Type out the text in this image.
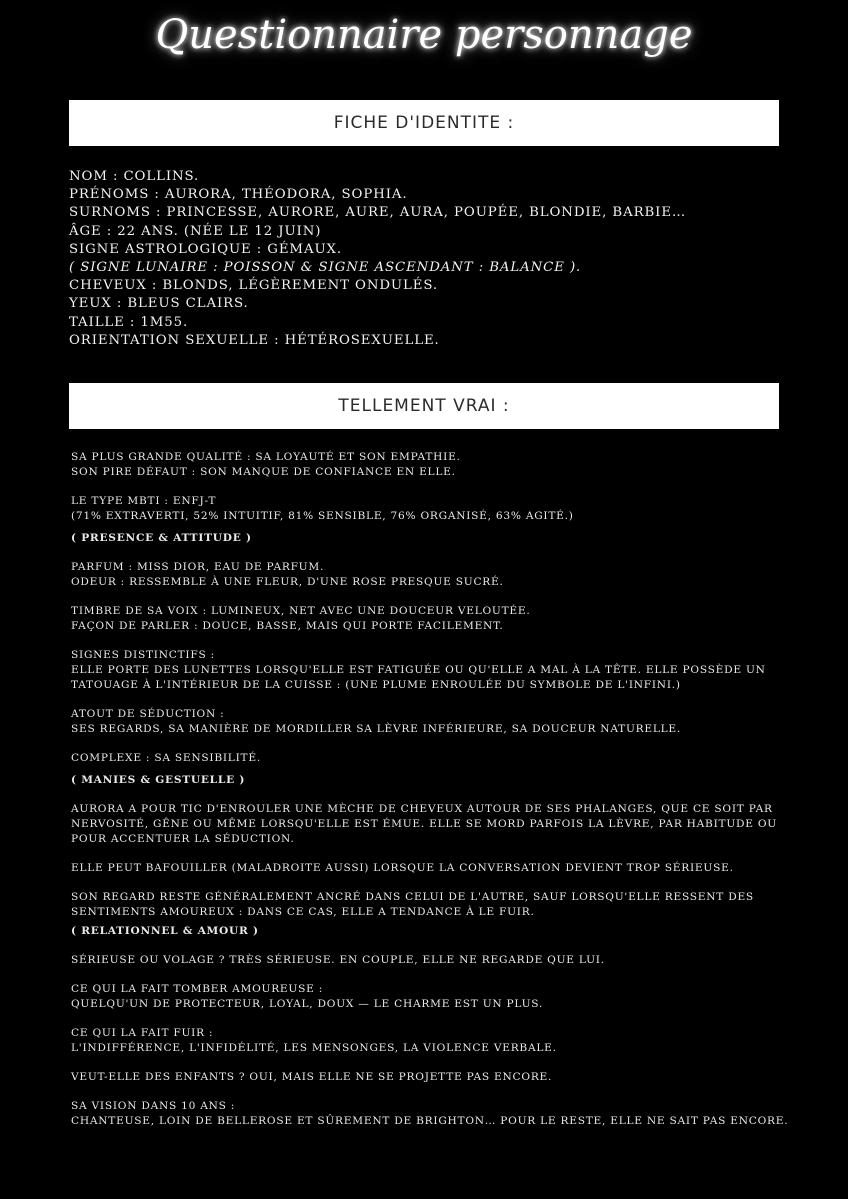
Questionnaire personnage
FICHE D'IDENTITE :
NOM : COLLINS.
PRÉNOMS : AURORA, THÉODORA, SOPHIA.
SURNOMS : PRINCESSE, AURORE, AURE, AURA, POUPÉE, BLONDIE, BARBIE…
ÂGE : 22 ANS. (NÉE LE 12 JUIN)
SIGNE ASTROLOGIQUE : GÉMAUX.
( SIGNE LUNAIRE : POISSON & SIGNE ASCENDANT : BALANCE ).
CHEVEUX : BLONDS, LÉGÈREMENT ONDULÉS.
YEUX : BLEUS CLAIRS.
TAILLE : 1M55.
ORIENTATION SEXUELLE : HÉTÉROSEXUELLE.
TELLEMENT VRAI :
SA PLUS GRANDE QUALITÉ : SA LOYAUTÉ ET SON EMPATHIE.
SON PIRE DÉFAUT : SON MANQUE DE CONFIANCE EN ELLE.
LE TYPE MBTI : ENFJ-T
(71% EXTRAVERTI, 52% INTUITIF, 81% SENSIBLE, 76% ORGANISÉ, 63% AGITÉ.)
( PRESENCE & ATTITUDE )
PARFUM : MISS DIOR, EAU DE PARFUM.
ODEUR : RESSEMBLE À UNE FLEUR, D'UNE ROSE PRESQUE SUCRÉ.
TIMBRE DE SA VOIX : LUMINEUX, NET AVEC UNE DOUCEUR VELOUTÉE.
FAÇON DE PARLER : DOUCE, BASSE, MAIS QUI PORTE FACILEMENT.
SIGNES DISTINCTIFS :
ELLE PORTE DES LUNETTES LORSQU'ELLE EST FATIGUÉE OU QU'ELLE A MAL À LA TÊTE. ELLE POSSÈDE UN
TATOUAGE À L'INTÉRIEUR DE LA CUISSE : (UNE PLUME ENROULÉE DU SYMBOLE DE L'INFINI.)
ATOUT DE SÉDUCTION :
SES REGARDS, SA MANIÈRE DE MORDILLER SA LÈVRE INFÉRIEURE, SA DOUCEUR NATURELLE.
COMPLEXE : SA SENSIBILITÉ.
( MANIES & GESTUELLE )
AURORA A POUR TIC D'ENROULER UNE MÈCHE DE CHEVEUX AUTOUR DE SES PHALANGES, QUE CE SOIT PAR
NERVOSITÉ, GÊNE OU MÊME LORSQU'ELLE EST ÉMUE. ELLE SE MORD PARFOIS LA LÈVRE, PAR HABITUDE OU
POUR ACCENTUER LA SÉDUCTION.
ELLE PEUT BAFOUILLER (MALADROITE AUSSI) LORSQUE LA CONVERSATION DEVIENT TROP SÉRIEUSE.
SON REGARD RESTE GÉNÉRALEMENT ANCRÉ DANS CELUI DE L'AUTRE, SAUF LORSQU'ELLE RESSENT DES
SENTIMENTS AMOUREUX : DANS CE CAS, ELLE A TENDANCE À LE FUIR.
( RELATIONNEL & AMOUR )
SÉRIEUSE OU VOLAGE ? TRÈS SÉRIEUSE. EN COUPLE, ELLE NE REGARDE QUE LUI.
CE QUI LA FAIT TOMBER AMOUREUSE :
QUELQU'UN DE PROTECTEUR, LOYAL, DOUX — LE CHARME EST UN PLUS.
CE QUI LA FAIT FUIR :
L'INDIFFÉRENCE, L'INFIDÉLITÉ, LES MENSONGES, LA VIOLENCE VERBALE.
VEUT-ELLE DES ENFANTS ? OUI, MAIS ELLE NE SE PROJETTE PAS ENCORE.
SA VISION DANS 10 ANS :
CHANTEUSE, LOIN DE BELLEROSE ET SÛREMENT DE BRIGHTON… POUR LE RESTE, ELLE NE SAIT PAS ENCORE.
